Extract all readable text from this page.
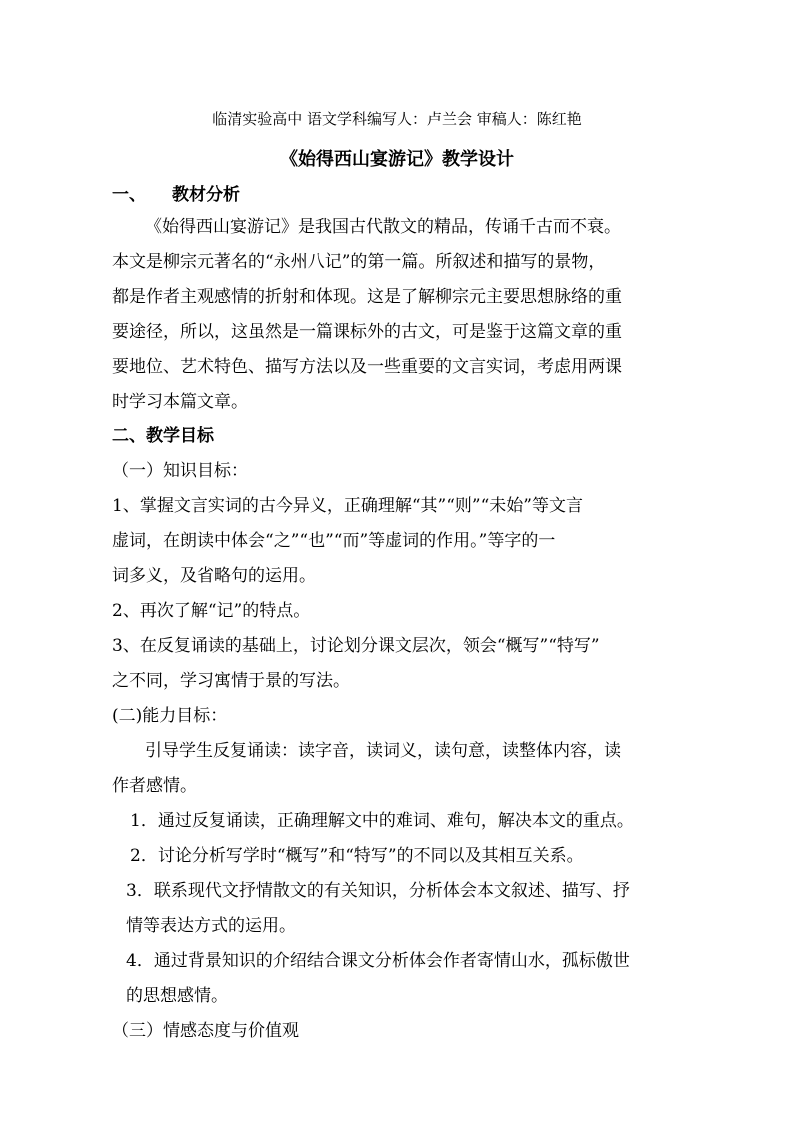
临清实验高中 语文学科编写人：卢兰会 审稿人：陈红艳
《始得西山宴游记》教学设计
一、 教材分析
《始得西山宴游记》是我国古代散文的精品，传诵千古而不衰。
本文是柳宗元著名的“永州八记”的第一篇。所叙述和描写的景物，
都是作者主观感情的折射和体现。这是了解柳宗元主要思想脉络的重
要途径，所以，这虽然是一篇课标外的古文，可是鉴于这篇文章的重
要地位、艺术特色、描写方法以及一些重要的文言实词，考虑用两课
时学习本篇文章。
二、教学目标
（一）知识目标：
1、掌握文言实词的古今异义，正确理解“其”“则”“未始”等文言
虚词，在朗读中体会“之”“也”“而”等虚词的作用。”等字的一
词多义，及省略句的运用。
2、再次了解“记”的特点。
3、在反复诵读的基础上，讨论划分课文层次，领会“概写”“特写”
之不同，学习寓情于景的写法。
(二)能力目标：
引导学生反复诵读：读字音，读词义，读句意，读整体内容，读
作者感情。
1．通过反复诵读，正确理解文中的难词、难句，解决本文的重点。
2．讨论分析写学时“概写”和“特写”的不同以及其相互关系。
3．联系现代文抒情散文的有关知识，分析体会本文叙述、描写、抒
情等表达方式的运用。
4．通过背景知识的介绍结合课文分析体会作者寄情山水，孤标傲世
的思想感情。
（三）情感态度与价值观
